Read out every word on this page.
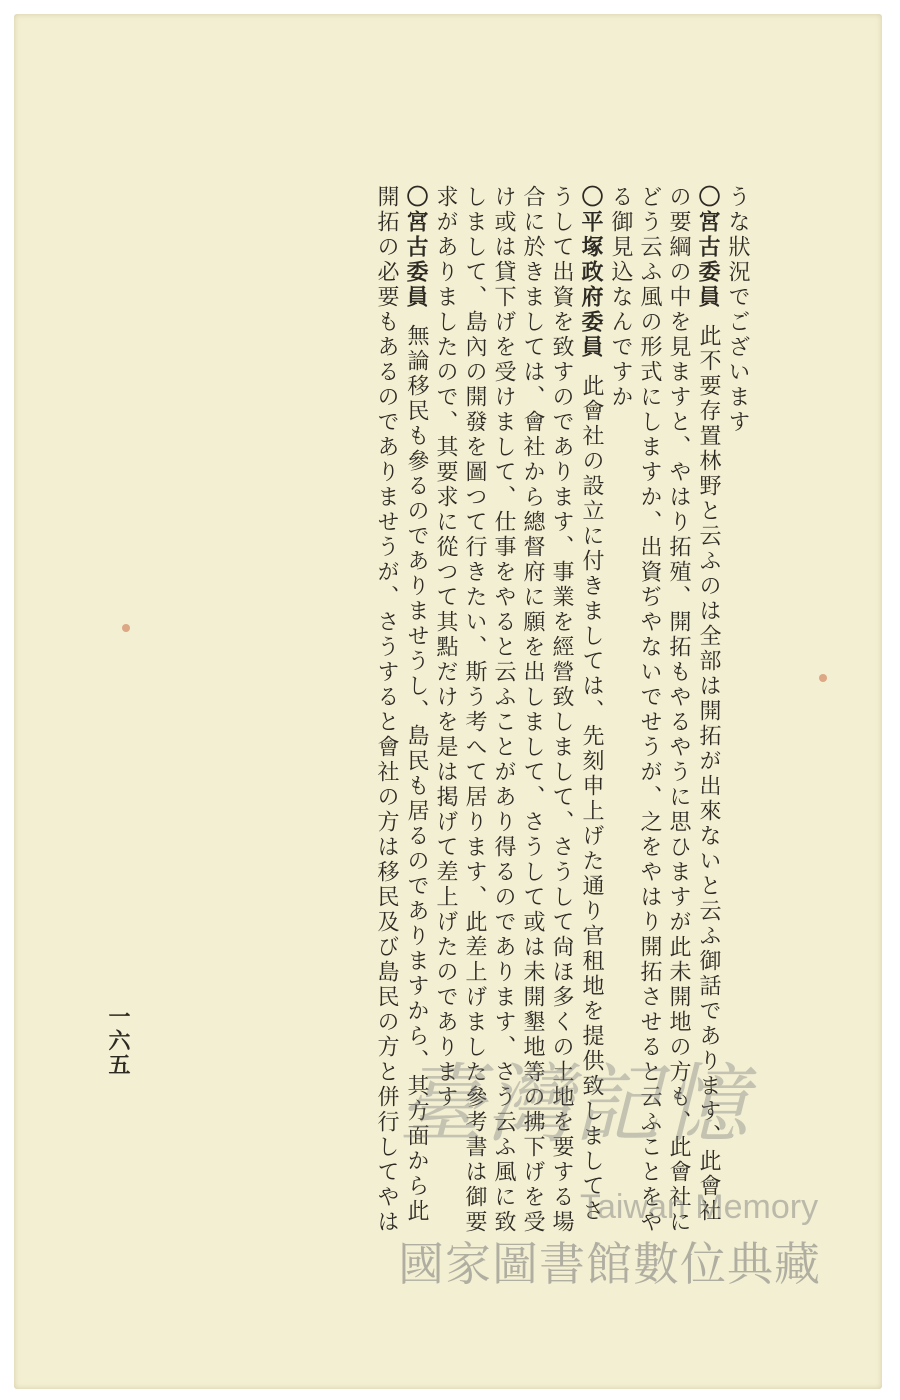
うな狀況でございます
〇宮古委員此不要存置林野と云ふのは全部は開拓が出來ないと云ふ御話であります、此會社
の要綱の中を見ますと、やはり拓殖、開拓もやるやうに思ひますが此未開地の方も、此會社に
どう云ふ風の形式にしますか、出資ぢやないでせうが、之をやはり開拓させると云ふことをや
る御見込なんですか
〇平塚政府委員此會社の設立に付きましては、先刻申上げた通り官租地を提供致しましてさ
うして出資を致すのであります、事業を經營致しまして、さうして尙ほ多くの土地を要する場
合に於きましては、會社から總督府に願を出しまして、さうして或は未開墾地等の拂下げを受
け或は貸下げを受けまして、仕事をやると云ふことがあり得るのであります、さう云ふ風に致
しまして、島內の開發を圖つて行きたい、斯う考へて居ります、此差上げました參考書は御要
求がありましたので、其要求に從つて其點だけを是は掲げて差上げたのであります
〇宮古委員無論移民も參るのでありませうし、島民も居るのでありますから、其方面から此
開拓の必要もあるのでありませうが、さうすると會社の方は移民及び島民の方と併行してやは
一六五
臺灣記憶
Taiwan Memory
國家圖書館數位典藏
